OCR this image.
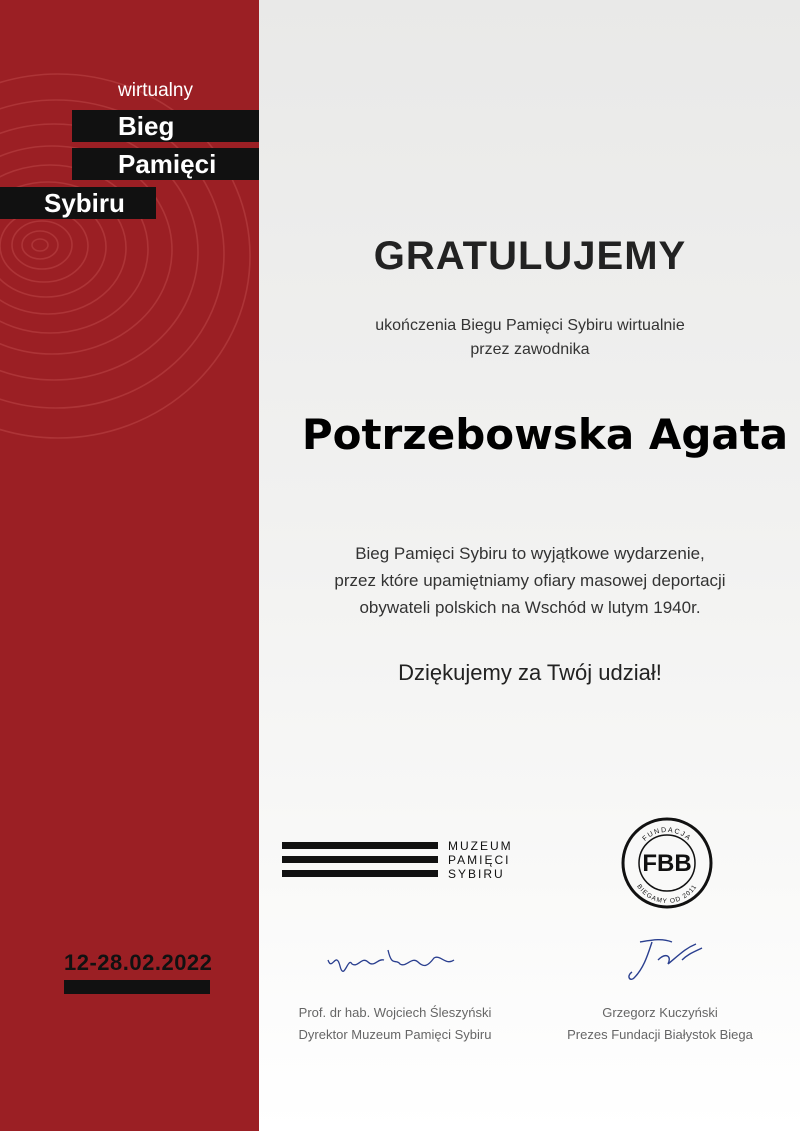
wirtualny
Bieg
Pamięci
Sybiru
12-28.02.2022
GRATULUJEMY
ukończenia Biegu Pamięci Sybiru wirtualnie
przez zawodnika
Potrzebowska Agata
Bieg Pamięci Sybiru to wyjątkowe wydarzenie,
przez które upamiętniamy ofiary masowej deportacji
obywateli polskich na Wschód w lutym 1940r.
Dziękujemy za Twój udział!
MUZEUM
PAMIĘCI
SYBIRU
FUNDACJA
BIEGAMY OD 2011
FBB
Prof. dr hab. Wojciech Śleszyński
Dyrektor Muzeum Pamięci Sybiru
Grzegorz Kuczyński
Prezes Fundacji Białystok Biega
